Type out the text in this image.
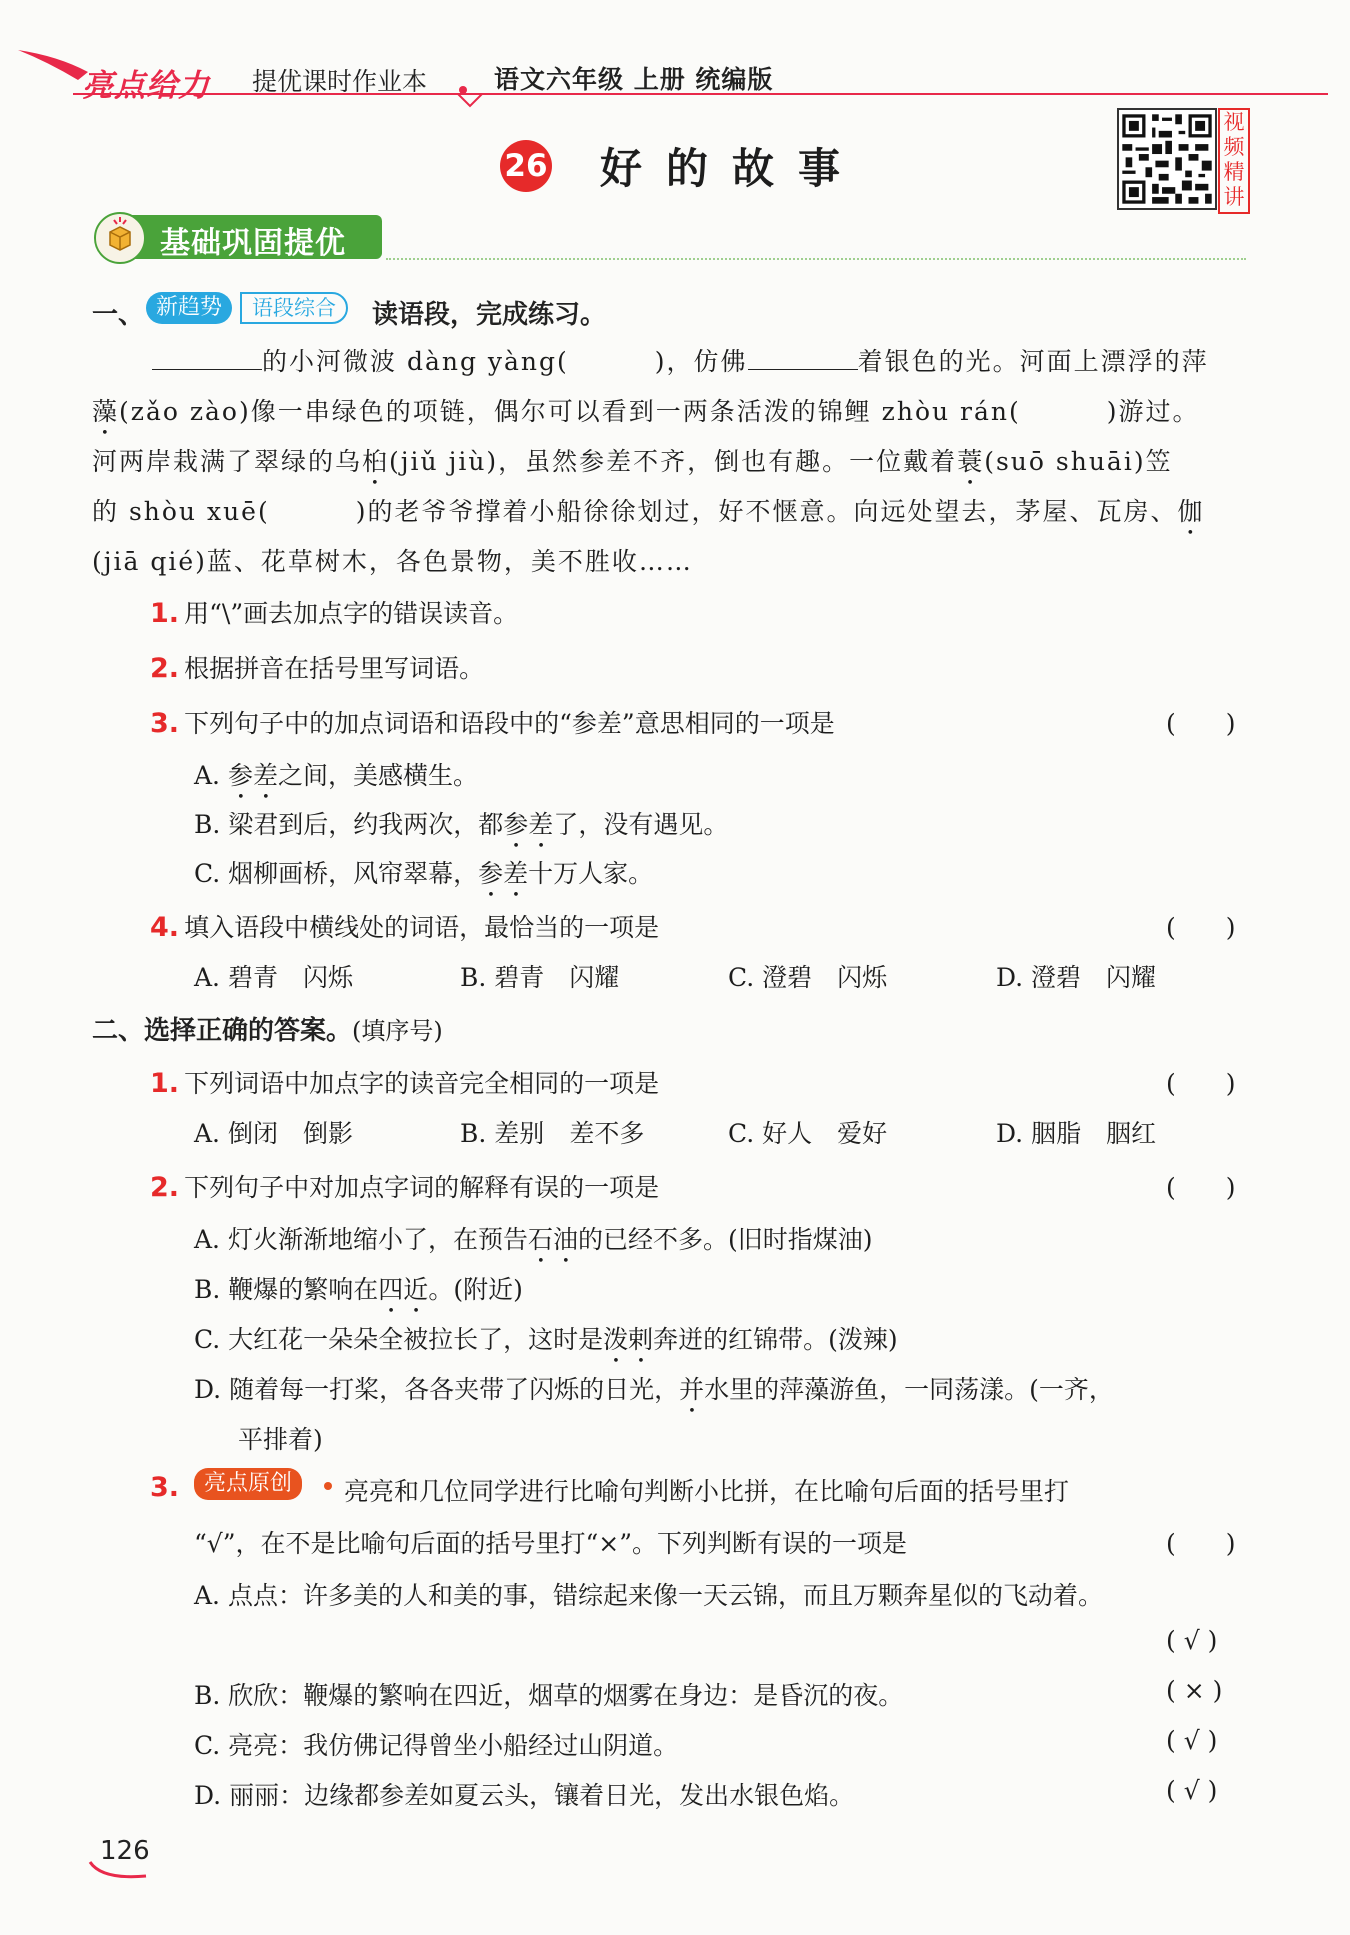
亮点给力 提优课时作业本	语文六年级 上册 统编版
26 好的故事
视频精讲
基础巩固提优
一、 新趋势	语段综合	读语段，完成练习。
的小河微波 dàng yàng(	)，仿佛	着银色的光。河面上漂浮的萍
藻(zǎo zào)像一串绿色的项链，偶尔可以看到一两条活泼的锦鲤 zhòu rán(	)游过。
河两岸栽满了翠绿的乌桕(jiǔ jiù)，虽然参差不齐，倒也有趣。一位戴着蓑(suō shuāi)笠
的 shòu xuē(	)的老爷爷撑着小船徐徐划过，好不惬意。向远处望去，茅屋、瓦房、伽
(jiā qié)蓝、花草树木，各色景物，美不胜收……
1. 用“\”画去加点字的错误读音。
2. 根据拼音在括号里写词语。
3. 下列句子中的加点词语和语段中的“参差”意思相同的一项是	(　　)
A. 参差之间，美感横生。
B. 梁君到后，约我两次，都参差了，没有遇见。
C. 烟柳画桥，风帘翠幕，参差十万人家。
4. 填入语段中横线处的词语，最恰当的一项是	(　　)
A. 碧青　闪烁	B. 碧青　闪耀	C. 澄碧　闪烁	D. 澄碧　闪耀
二、选择正确的答案。(填序号)
1. 下列词语中加点字的读音完全相同的一项是	(　　)
A. 倒闭　 倒影	B. 差别　 差不多	C. 好人　 爱好	D. 胭脂　 胭红
2. 下列句子中对加点字词的解释有误的一项是	(　　)
A. 灯火渐渐地缩小了，在预告石油的已经不多。(旧时指煤油)
B. 鞭爆的繁响在四近。(附近)
C. 大红花一朵朵全被拉长了，这时是泼剌奔迸的红锦带。(泼辣)
D. 随着每一打桨，各各夹带了闪烁的日光，并水里的萍藻游鱼，一同荡漾。(一齐，
平排着)
3.	亮点原创	亮亮和几位同学进行比喻句判断小比拼，在比喻句后面的括号里打
“√”，在不是比喻句后面的括号里打“×”。下列判断有误的一项是	(　　)
A. 点点：许多美的人和美的事，错综起来像一天云锦，而且万颗奔星似的飞动着。
( √ )
B. 欣欣：鞭爆的繁响在四近，烟草的烟雾在身边：是昏沉的夜。	( × )
C. 亮亮：我仿佛记得曾坐小船经过山阴道。	( √ )
D. 丽丽：边缘都参差如夏云头，镶着日光，发出水银色焰。	( √ )
126
